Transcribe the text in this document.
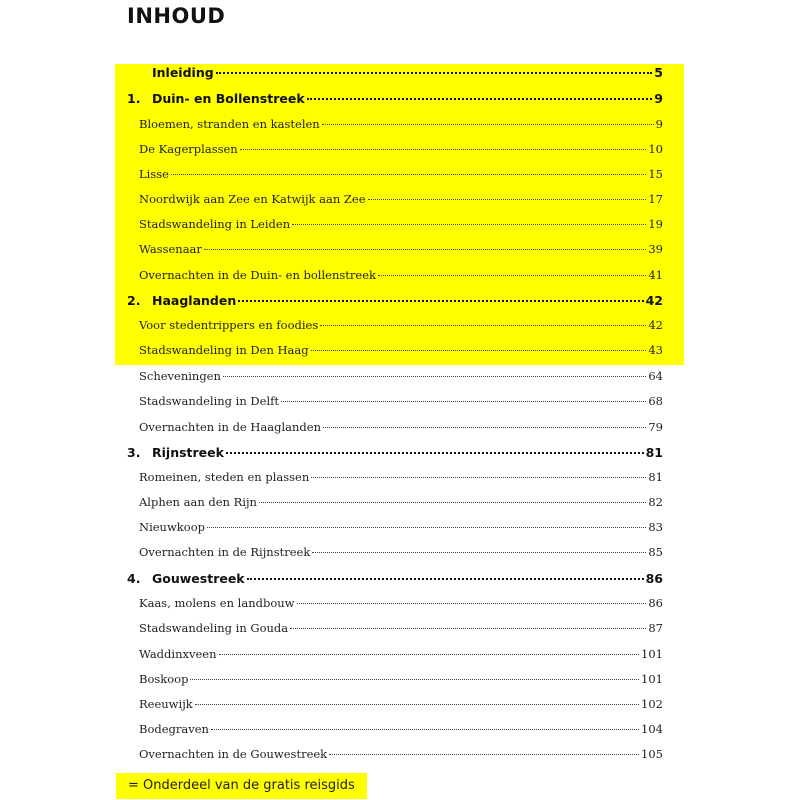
INHOUD
Inleiding	5
1. Duin- en Bollenstreek	9
Bloemen, stranden en kastelen	9
De Kagerplassen	10
Lisse	15
Noordwijk aan Zee en Katwijk aan Zee	17
Stadswandeling in Leiden	19
Wassenaar	39
Overnachten in de Duin- en bollenstreek	41
2. Haaglanden	42
Voor stedentrippers en foodies	42
Stadswandeling in Den Haag	43
Scheveningen	64
Stadswandeling in Delft	68
Overnachten in de Haaglanden	79
3. Rijnstreek	81
Romeinen, steden en plassen	81
Alphen aan den Rijn	82
Nieuwkoop	83
Overnachten in de Rijnstreek	85
4. Gouwestreek	86
Kaas, molens en landbouw	86
Stadswandeling in Gouda	87
Waddinxveen	101
Boskoop	101
Reeuwijk	102
Bodegraven	104
Overnachten in de Gouwestreek	105
= Onderdeel van de gratis reisgids
